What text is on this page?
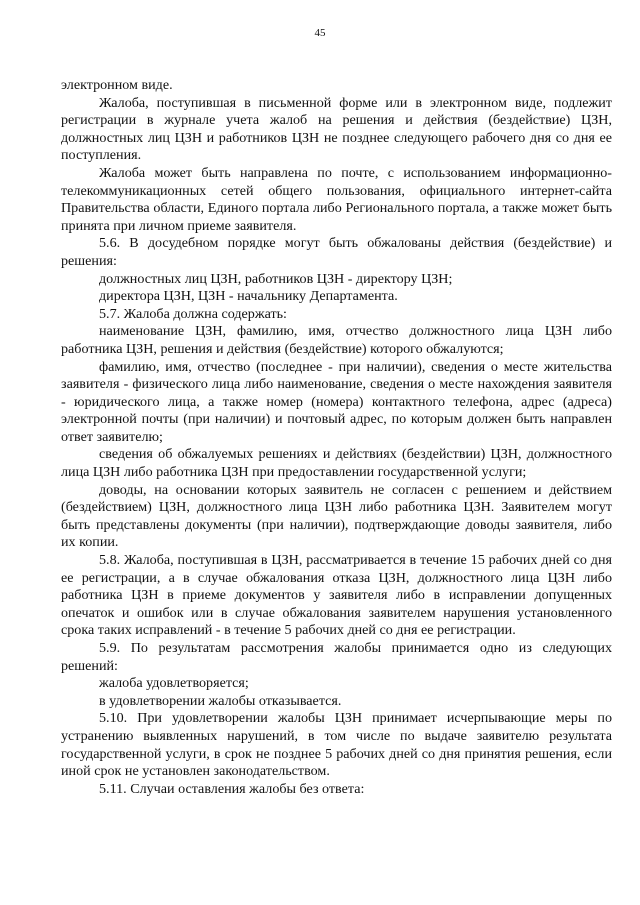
45

электронном виде.

Жалоба, поступившая в письменной форме или в электронном виде, подлежит регистрации в журнале учета жалоб на решения и действия (бездействие) ЦЗН, должностных лиц ЦЗН и работников ЦЗН не позднее следующего рабочего дня со дня ее поступления.

Жалоба может быть направлена по почте, с использованием информационно-телекоммуникационных сетей общего пользования, официального интернет-сайта Правительства области, Единого портала либо Регионального портала, а также может быть принята при личном приеме заявителя.

5.6. В досудебном порядке могут быть обжалованы действия (бездействие) и решения:

должностных лиц ЦЗН, работников ЦЗН - директору ЦЗН;

директора ЦЗН, ЦЗН - начальнику Департамента.

5.7. Жалоба должна содержать:

наименование ЦЗН, фамилию, имя, отчество должностного лица ЦЗН либо работника ЦЗН, решения и действия (бездействие) которого обжалуются;

фамилию, имя, отчество (последнее - при наличии), сведения о месте жительства заявителя - физического лица либо наименование, сведения о месте нахождения заявителя - юридического лица, а также номер (номера) контактного телефона, адрес (адреса) электронной почты (при наличии) и почтовый адрес, по которым должен быть направлен ответ заявителю;

сведения об обжалуемых решениях и действиях (бездействии) ЦЗН, должностного лица ЦЗН либо работника ЦЗН при предоставлении государственной услуги;

доводы, на основании которых заявитель не согласен с решением и действием (бездействием) ЦЗН, должностного лица ЦЗН либо работника ЦЗН. Заявителем могут быть представлены документы (при наличии), подтверждающие доводы заявителя, либо их копии.

5.8. Жалоба, поступившая в ЦЗН, рассматривается в течение 15 рабочих дней со дня ее регистрации, а в случае обжалования отказа ЦЗН, должностного лица ЦЗН либо работника ЦЗН в приеме документов у заявителя либо в исправлении допущенных опечаток и ошибок или в случае обжалования заявителем нарушения установленного срока таких исправлений - в течение 5 рабочих дней со дня ее регистрации.

5.9. По результатам рассмотрения жалобы принимается одно из следующих решений:

жалоба удовлетворяется;

в удовлетворении жалобы отказывается.

5.10. При удовлетворении жалобы ЦЗН принимает исчерпывающие меры по устранению выявленных нарушений, в том числе по выдаче заявителю результата государственной услуги, в срок не позднее 5 рабочих дней со дня принятия решения, если иной срок не установлен законодательством.

5.11. Случаи оставления жалобы без ответа:
